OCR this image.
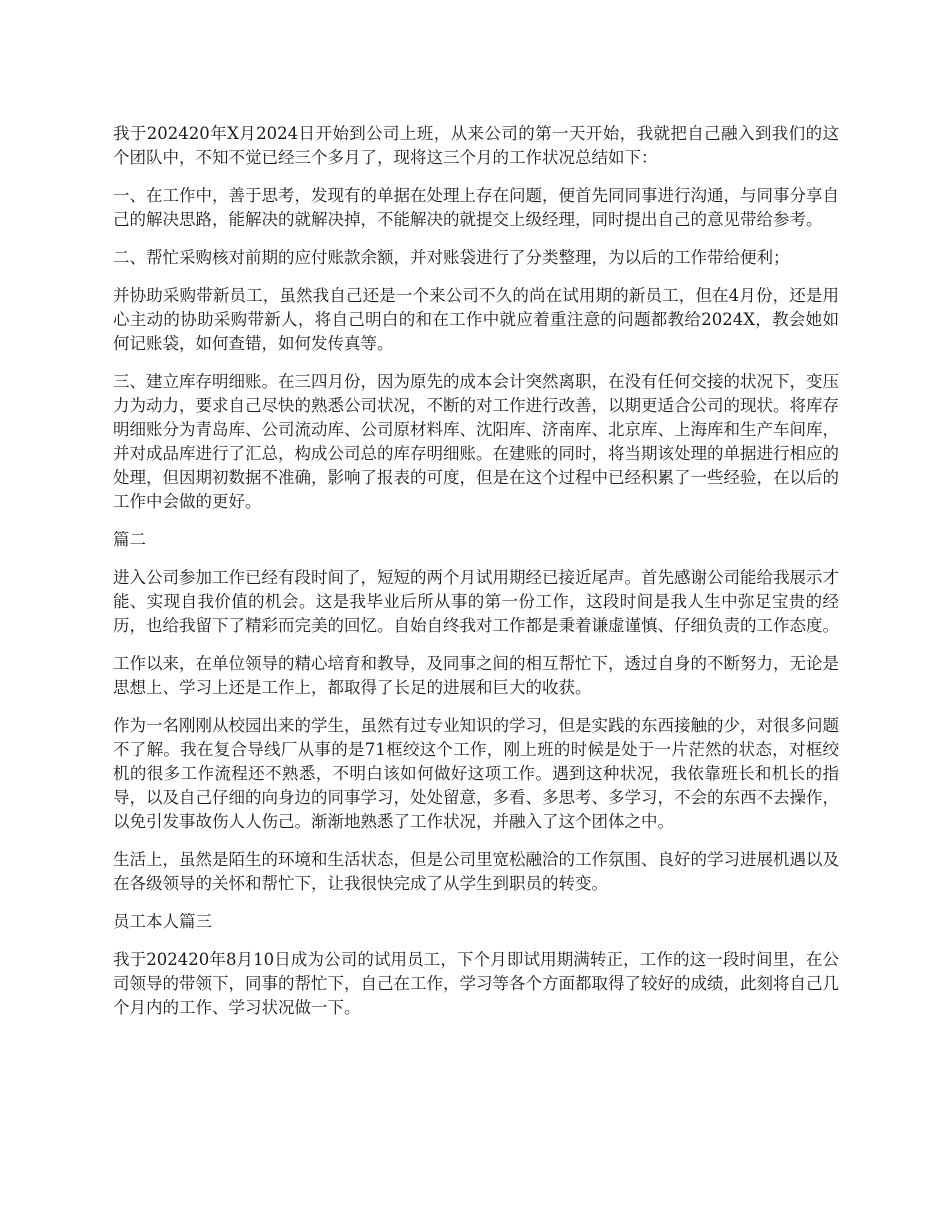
我于202420年X月2024日开始到公司上班，从来公司的第一天开始，我就把自己融入到我们的这个团队中，不知不觉已经三个多月了，现将这三个月的工作状况总结如下：

一、在工作中，善于思考，发现有的单据在处理上存在问题，便首先同同事进行沟通，与同事分享自己的解决思路，能解决的就解决掉，不能解决的就提交上级经理，同时提出自己的意见带给参考。

二、帮忙采购核对前期的应付账款余额，并对账袋进行了分类整理，为以后的工作带给便利；

并协助采购带新员工，虽然我自己还是一个来公司不久的尚在试用期的新员工，但在4月份，还是用心主动的协助采购带新人，将自己明白的和在工作中就应着重注意的问题都教给2024X，教会她如何记账袋，如何查错，如何发传真等。

三、建立库存明细账。在三四月份，因为原先的成本会计突然离职，在没有任何交接的状况下，变压力为动力，要求自己尽快的熟悉公司状况，不断的对工作进行改善，以期更适合公司的现状。将库存明细账分为青岛库、公司流动库、公司原材料库、沈阳库、济南库、北京库、上海库和生产车间库，并对成品库进行了汇总，构成公司总的库存明细账。在建账的同时，将当期该处理的单据进行相应的处理，但因期初数据不准确，影响了报表的可度，但是在这个过程中已经积累了一些经验，在以后的工作中会做的更好。

篇二

进入公司参加工作已经有段时间了，短短的两个月试用期经已接近尾声。首先感谢公司能给我展示才能、实现自我价值的机会。这是我毕业后所从事的第一份工作，这段时间是我人生中弥足宝贵的经历，也给我留下了精彩而完美的回忆。自始自终我对工作都是秉着谦虚谨慎、仔细负责的工作态度。

工作以来，在单位领导的精心培育和教导，及同事之间的相互帮忙下，透过自身的不断努力，无论是思想上、学习上还是工作上，都取得了长足的进展和巨大的收获。

作为一名刚刚从校园出来的学生，虽然有过专业知识的学习，但是实践的东西接触的少，对很多问题不了解。我在复合导线厂从事的是71框绞这个工作，刚上班的时候是处于一片茫然的状态，对框绞机的很多工作流程还不熟悉，不明白该如何做好这项工作。遇到这种状况，我依靠班长和机长的指导，以及自己仔细的向身边的同事学习，处处留意，多看、多思考、多学习，不会的东西不去操作，以免引发事故伤人人伤己。渐渐地熟悉了工作状况，并融入了这个团体之中。

生活上，虽然是陌生的环境和生活状态，但是公司里宽松融洽的工作氛围、良好的学习进展机遇以及在各级领导的关怀和帮忙下，让我很快完成了从学生到职员的转变。

员工本人篇三

我于202420年8月10日成为公司的试用员工，下个月即试用期满转正，工作的这一段时间里，在公司领导的带领下，同事的帮忙下，自己在工作，学习等各个方面都取得了较好的成绩，此刻将自己几个月内的工作、学习状况做一下。
